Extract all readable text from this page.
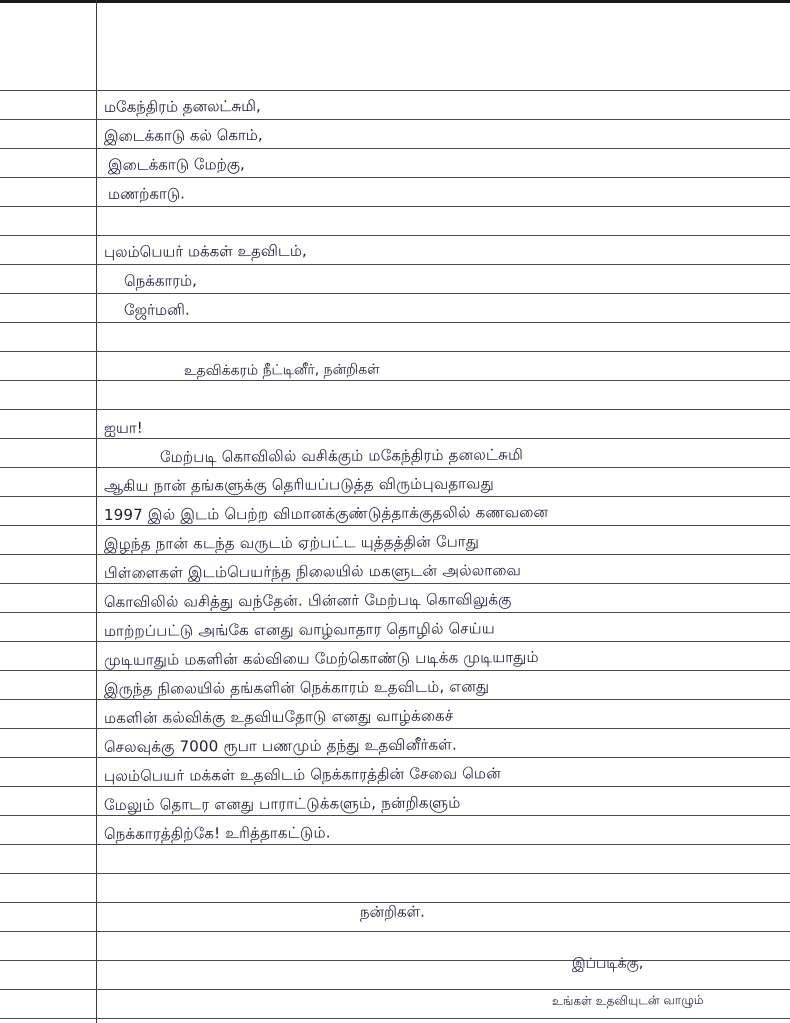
மகேந்திரம் தனலட்சுமி,
இடைக்காடு கல் கொம்,
இடைக்காடு மேற்கு,
மணற்காடு.
புலம்பெயர் மக்கள் உதவிடம்,
நெக்காரம்,
ஜேர்மனி.
உதவிக்கரம் நீட்டினீர், நன்றிகள்
ஐயா!
மேற்படி கொவிலில் வசிக்கும் மகேந்திரம் தனலட்சுமி
ஆகிய நான் தங்களுக்கு தெரியப்படுத்த விரும்புவதாவது
1997 இல் இடம் பெற்ற விமானக்குண்டுத்தாக்குதலில் கணவனை
இழந்த நான் கடந்த வருடம் ஏற்பட்ட யுத்தத்தின் போது
பிள்ளைகள் இடம்பெயர்ந்த நிலையில் மகளுடன் அல்லாவை
கொவிலில் வசித்து வந்தேன். பின்னர் மேற்படி கொவிலுக்கு
மாற்றப்பட்டு அங்கே எனது வாழ்வாதார தொழில் செய்ய
முடியாதும் மகளின் கல்வியை மேற்கொண்டு படிக்க முடியாதும்
இருந்த நிலையில் தங்களின் நெக்காரம் உதவிடம், எனது
மகளின் கல்விக்கு உதவியதோடு எனது வாழ்க்கைச்
செலவுக்கு 7000 ரூபா பணமும் தந்து உதவினீர்கள்.
புலம்பெயர் மக்கள் உதவிடம் நெக்காரத்தின் சேவை மென்
மேலும் தொடர எனது பாராட்டுக்களும், நன்றிகளும்
நெக்காரத்திற்கே! உரித்தாகட்டும்.
நன்றிகள்.
இப்படிக்கு,
உங்கள் உதவியுடன் வாழும்
